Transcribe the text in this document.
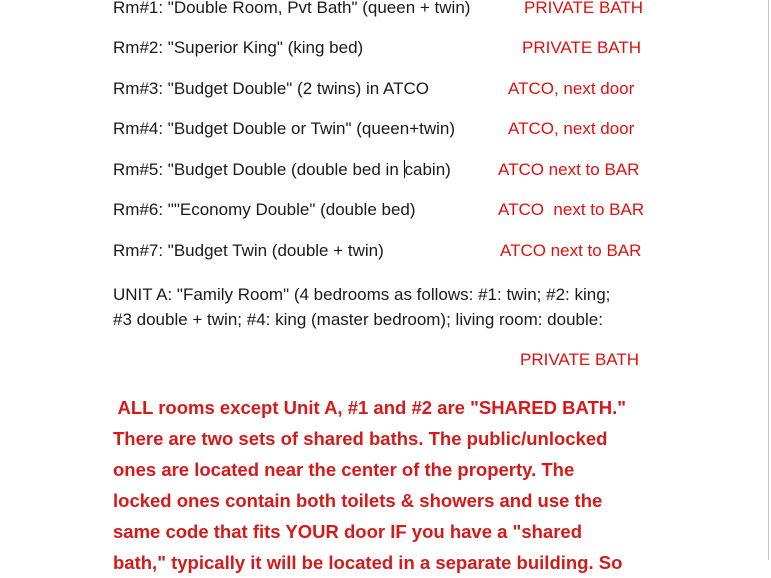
Rm#1: "Double Room, Pvt Bath" (queen + twin)	PRIVATE BATH
Rm#2: "Superior King" (king bed)	PRIVATE BATH
Rm#3: "Budget Double" (2 twins) in ATCO	ATCO, next door
Rm#4: "Budget Double or Twin" (queen+twin)	ATCO, next door
Rm#5: "Budget Double (double bed in cabin)	ATCO next to BAR
Rm#6: ""Economy Double" (double bed)	ATCO  next to BAR
Rm#7: "Budget Twin (double + twin)	ATCO next to BAR
UNIT A: "Family Room" (4 bedrooms as follows: #1: twin; #2: king;
#3 double + twin; #4: king (master bedroom); living room: double:
PRIVATE BATH
ALL rooms except Unit A, #1 and #2 are "SHARED BATH."
There are two sets of shared baths. The public/unlocked
ones are located near the center of the property. The
locked ones contain both toilets & showers and use the
same code that fits YOUR door IF you have a "shared
bath," typically it will be located in a separate building. So
